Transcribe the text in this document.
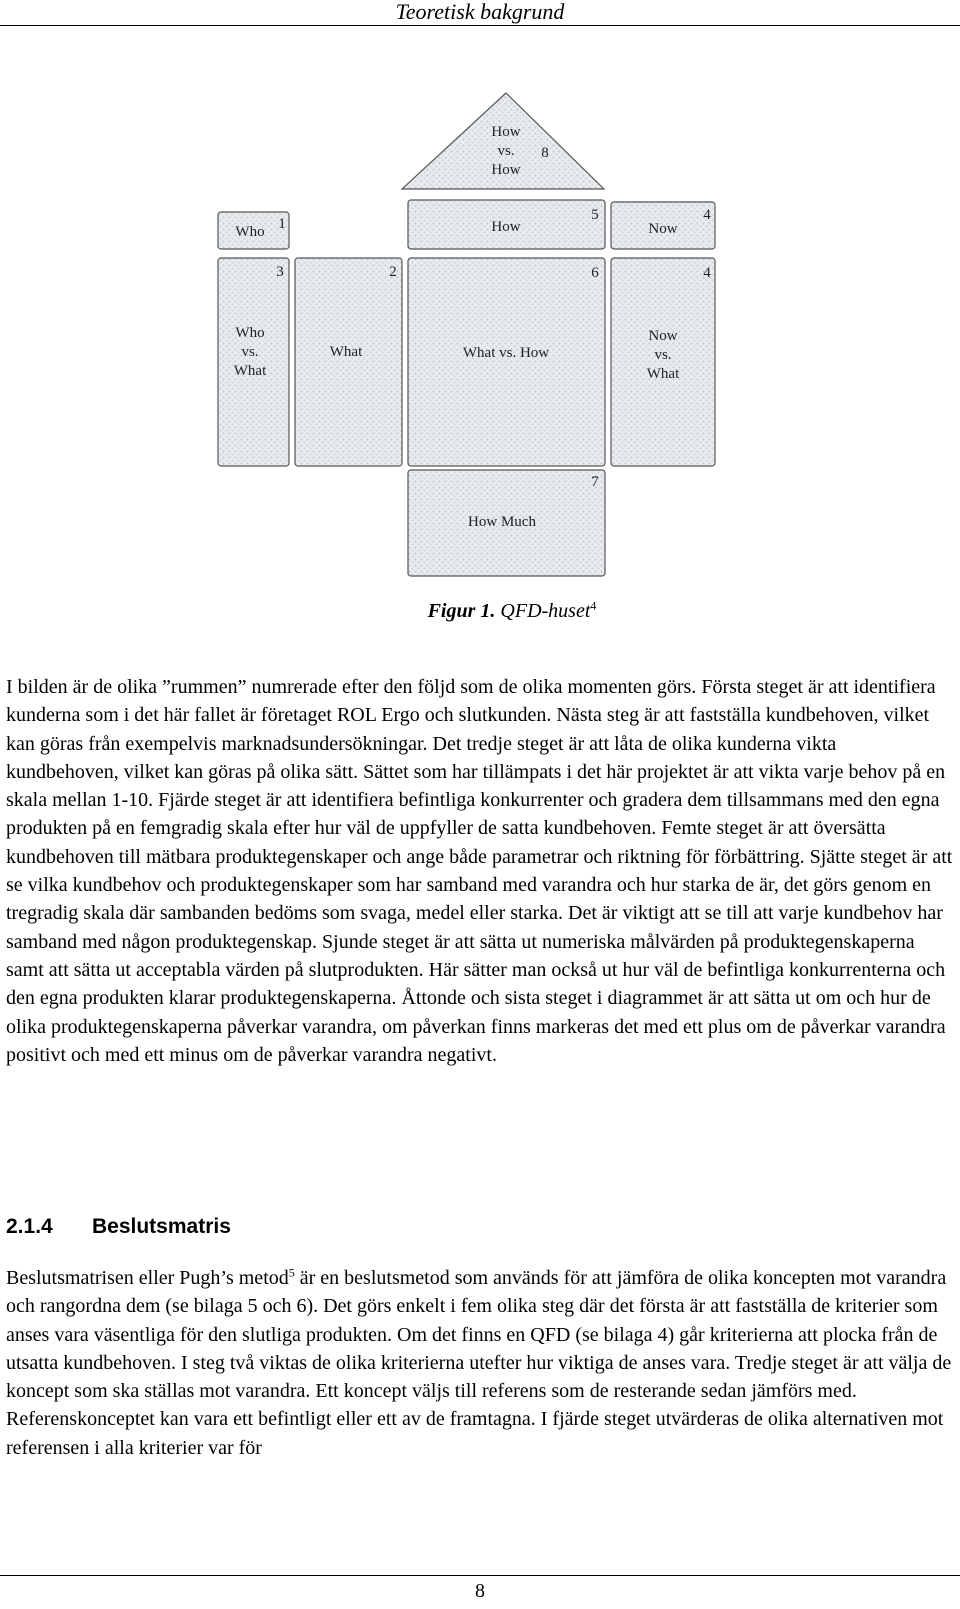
Teoretisk bakgrund
How
vs.
How
8
Who 1	How
5
Now
4
Who
vs.
What
3
What
2
What vs. How
6
Now
vs.
What
4
How Much
7
Figur 1. QFD-huset$^4$

I bilden är de olika ”rummen” numrerade efter den följd som de olika momenten görs. Första steget är att identifiera kunderna som i det här fallet är företaget ROL Ergo och slutkunden. Nästa steg är att fastställa kundbehoven, vilket kan göras från exempelvis marknadsundersökningar. Det tredje steget är att låta de olika kunderna vikta kundbehoven, vilket kan göras på olika sätt. Sättet som har tillämpats i det här projektet är att vikta varje behov på en skala mellan 1-10. Fjärde steget är att identifiera befintliga konkurrenter och gradera dem tillsammans med den egna produkten på en femgradig skala efter hur väl de uppfyller de satta kundbehoven. Femte steget är att översätta kundbehoven till mätbara produktegenskaper och ange både parametrar och riktning för förbättring. Sjätte steget är att se vilka kundbehov och produktegenskaper som har samband med varandra och hur starka de är, det görs genom en tregradig skala där sambanden bedöms som svaga, medel eller starka. Det är viktigt att se till att varje kundbehov har samband med någon produktegenskap. Sjunde steget är att sätta ut numeriska målvärden på produktegenskaperna samt att sätta ut acceptabla värden på slutprodukten. Här sätter man också ut hur väl de befintliga konkurrenterna och den egna produkten klarar produktegenskaperna. Åttonde och sista steget i diagrammet är att sätta ut om och hur de olika produktegenskaperna påverkar varandra, om påverkan finns markeras det med ett plus om de påverkar varandra positivt och med ett minus om de påverkar varandra negativt.

2.1.4 Beslutsmatris

Beslutsmatrisen eller Pugh’s metod$^5$ är en beslutsmetod som används för att jämföra de olika koncepten mot varandra och rangordna dem (se bilaga 5 och 6). Det görs enkelt i fem olika steg där det första är att fastställa de kriterier som anses vara väsentliga för den slutliga produkten. Om det finns en QFD (se bilaga 4) går kriterierna att plocka från de utsatta kundbehoven. I steg två viktas de olika kriterierna utefter hur viktiga de anses vara. Tredje steget är att välja de koncept som ska ställas mot varandra. Ett koncept väljs till referens som de resterande sedan jämförs med. Referenskonceptet kan vara ett befintligt eller ett av de framtagna. I fjärde steget utvärderas de olika alternativen mot referensen i alla kriterier var för

8
